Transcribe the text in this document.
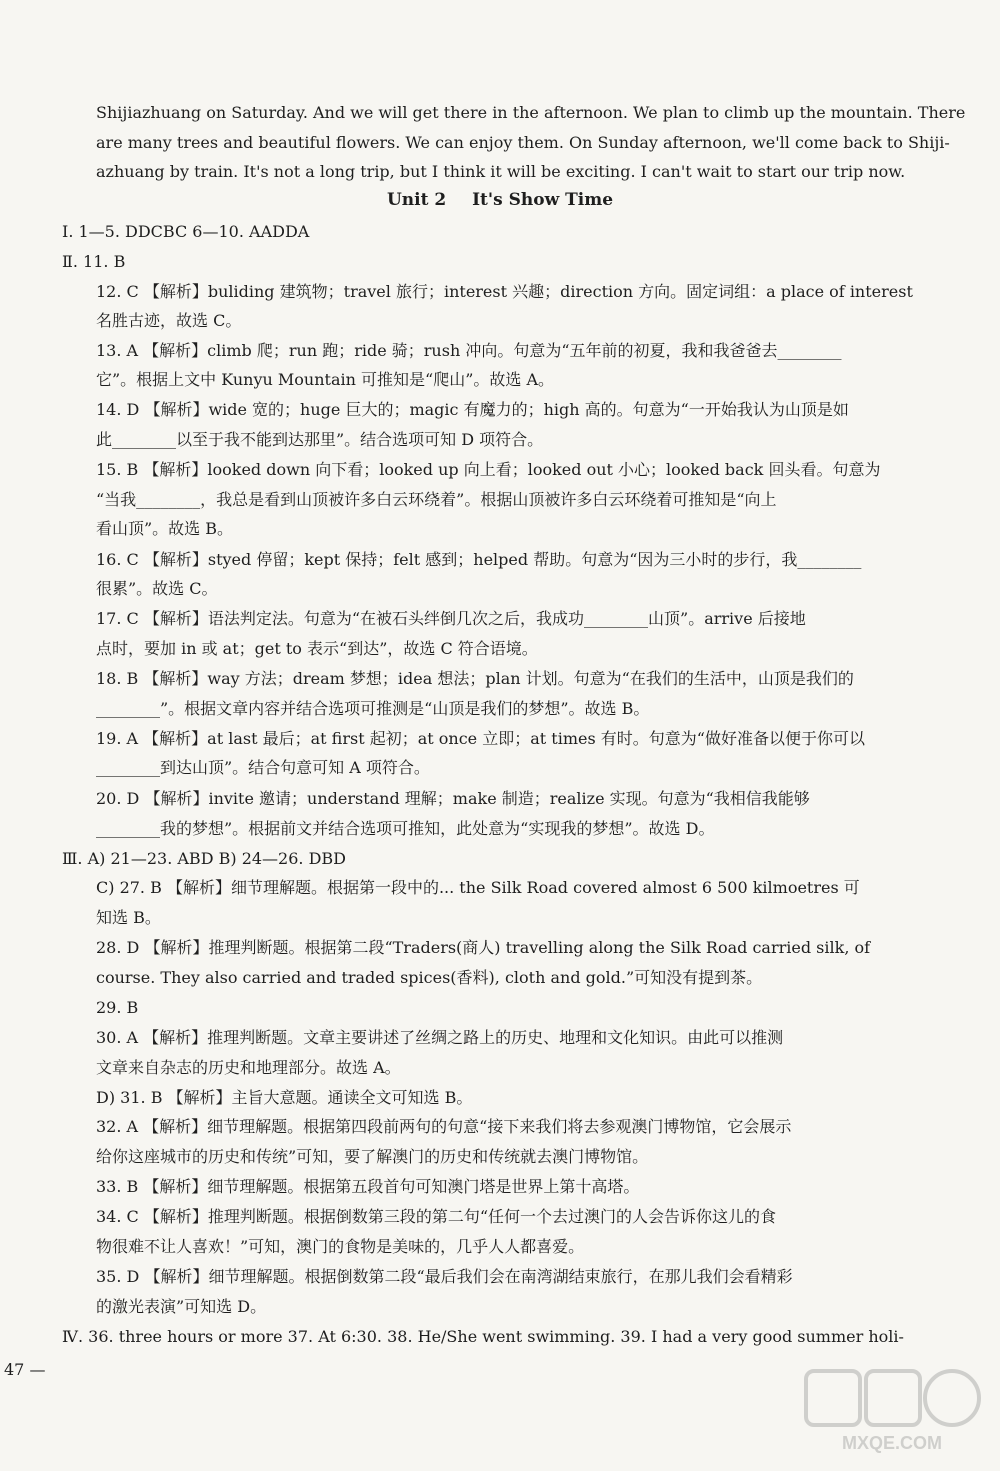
Shijiazhuang on Saturday. And we will get there in the afternoon. We plan to climb up the mountain. There
are many trees and beautiful flowers. We can enjoy them. On Sunday afternoon, we'll come back to Shiji-
azhuang by train. It's not a long trip, but I think it will be exciting. I can't wait to start our trip now.
Unit 2 It's Show Time
Ⅰ. 1—5. DDCBC 6—10. AADDA
Ⅱ. 11. B
12. C 【解析】buliding 建筑物；travel 旅行；interest 兴趣；direction 方向。固定词组：a place of interest
名胜古迹，故选 C。
13. A 【解析】climb 爬；run 跑；ride 骑；rush 冲向。句意为“五年前的初夏，我和我爸爸去________
它”。根据上文中 Kunyu Mountain 可推知是“爬山”。故选 A。
14. D 【解析】wide 宽的；huge 巨大的；magic 有魔力的；high 高的。句意为“一开始我认为山顶是如
此________以至于我不能到达那里”。结合选项可知 D 项符合。
15. B 【解析】looked down 向下看；looked up 向上看；looked out 小心；looked back 回头看。句意为
“当我________，我总是看到山顶被许多白云环绕着”。根据山顶被许多白云环绕着可推知是“向上
看山顶”。故选 B。
16. C 【解析】styed 停留；kept 保持；felt 感到；helped 帮助。句意为“因为三小时的步行，我________
很累”。故选 C。
17. C 【解析】语法判定法。句意为“在被石头绊倒几次之后，我成功________山顶”。arrive 后接地
点时，要加 in 或 at；get to 表示“到达”，故选 C 符合语境。
18. B 【解析】way 方法；dream 梦想；idea 想法；plan 计划。句意为“在我们的生活中，山顶是我们的
________”。根据文章内容并结合选项可推测是“山顶是我们的梦想”。故选 B。
19. A 【解析】at last 最后；at first 起初；at once 立即；at times 有时。句意为“做好准备以便于你可以
________到达山顶”。结合句意可知 A 项符合。
20. D 【解析】invite 邀请；understand 理解；make 制造；realize 实现。句意为“我相信我能够
________我的梦想”。根据前文并结合选项可推知，此处意为“实现我的梦想”。故选 D。
Ⅲ. A) 21—23. ABD B) 24—26. DBD
C) 27. B 【解析】细节理解题。根据第一段中的... the Silk Road covered almost 6 500 kilmoetres 可
知选 B。
28. D 【解析】推理判断题。根据第二段“Traders(商人) travelling along the Silk Road carried silk, of
course. They also carried and traded spices(香料), cloth and gold.”可知没有提到茶。
29. B
30. A 【解析】推理判断题。文章主要讲述了丝绸之路上的历史、地理和文化知识。由此可以推测
文章来自杂志的历史和地理部分。故选 A。
D) 31. B 【解析】主旨大意题。通读全文可知选 B。
32. A 【解析】细节理解题。根据第四段前两句的句意“接下来我们将去参观澳门博物馆，它会展示
给你这座城市的历史和传统”可知，要了解澳门的历史和传统就去澳门博物馆。
33. B 【解析】细节理解题。根据第五段首句可知澳门塔是世界上第十高塔。
34. C 【解析】推理判断题。根据倒数第三段的第二句“任何一个去过澳门的人会告诉你这儿的食
物很难不让人喜欢！”可知，澳门的食物是美味的，几乎人人都喜爱。
35. D 【解析】细节理解题。根据倒数第二段“最后我们会在南湾湖结束旅行，在那儿我们会看精彩
的激光表演”可知选 D。
Ⅳ. 36. three hours or more 37. At 6:30. 38. He/She went swimming. 39. I had a very good summer holi-
47 —
MXQE.COM
